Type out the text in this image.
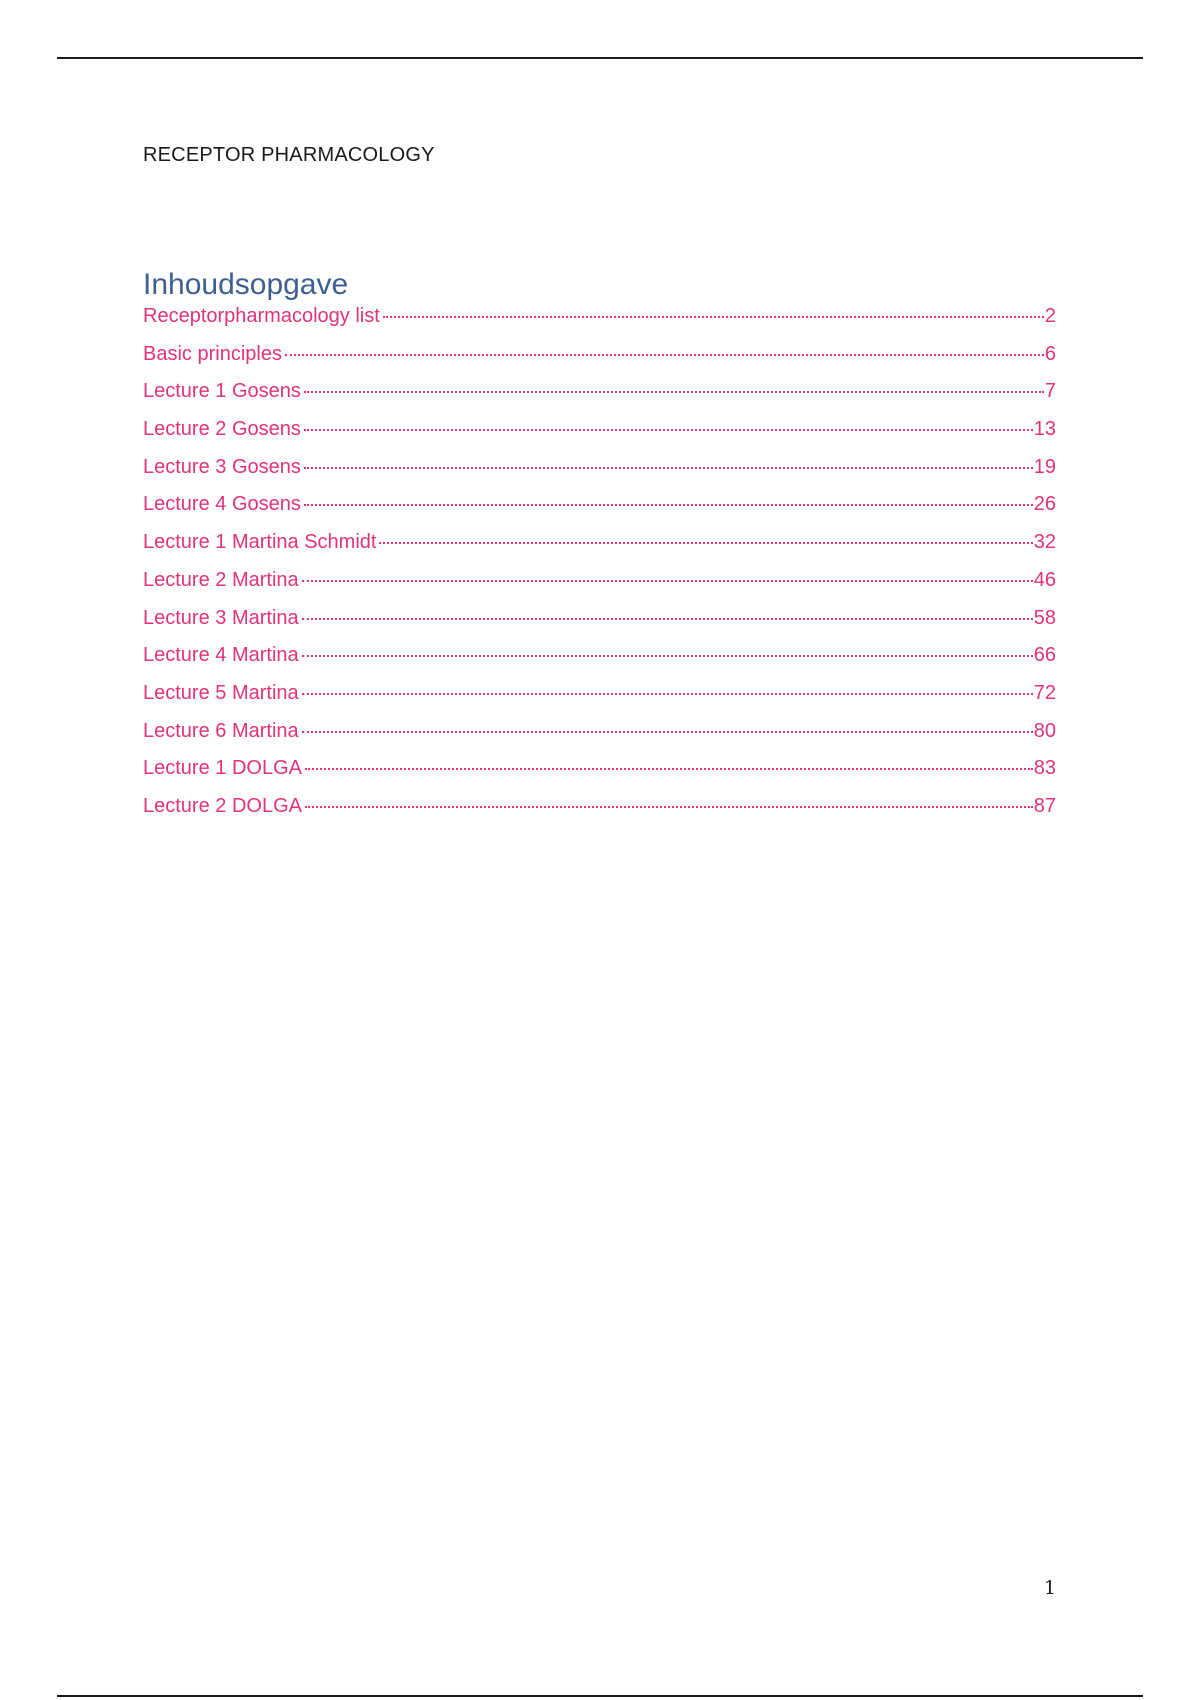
RECEPTOR PHARMACOLOGY
Inhoudsopgave
Receptorpharmacology list	2
Basic principles	6
Lecture 1 Gosens	7
Lecture 2 Gosens	13
Lecture 3 Gosens	19
Lecture 4 Gosens	26
Lecture 1 Martina Schmidt	32
Lecture 2 Martina	46
Lecture 3 Martina	58
Lecture 4 Martina	66
Lecture 5 Martina	72
Lecture 6 Martina	80
Lecture 1 DOLGA	83
Lecture 2 DOLGA	87
1
